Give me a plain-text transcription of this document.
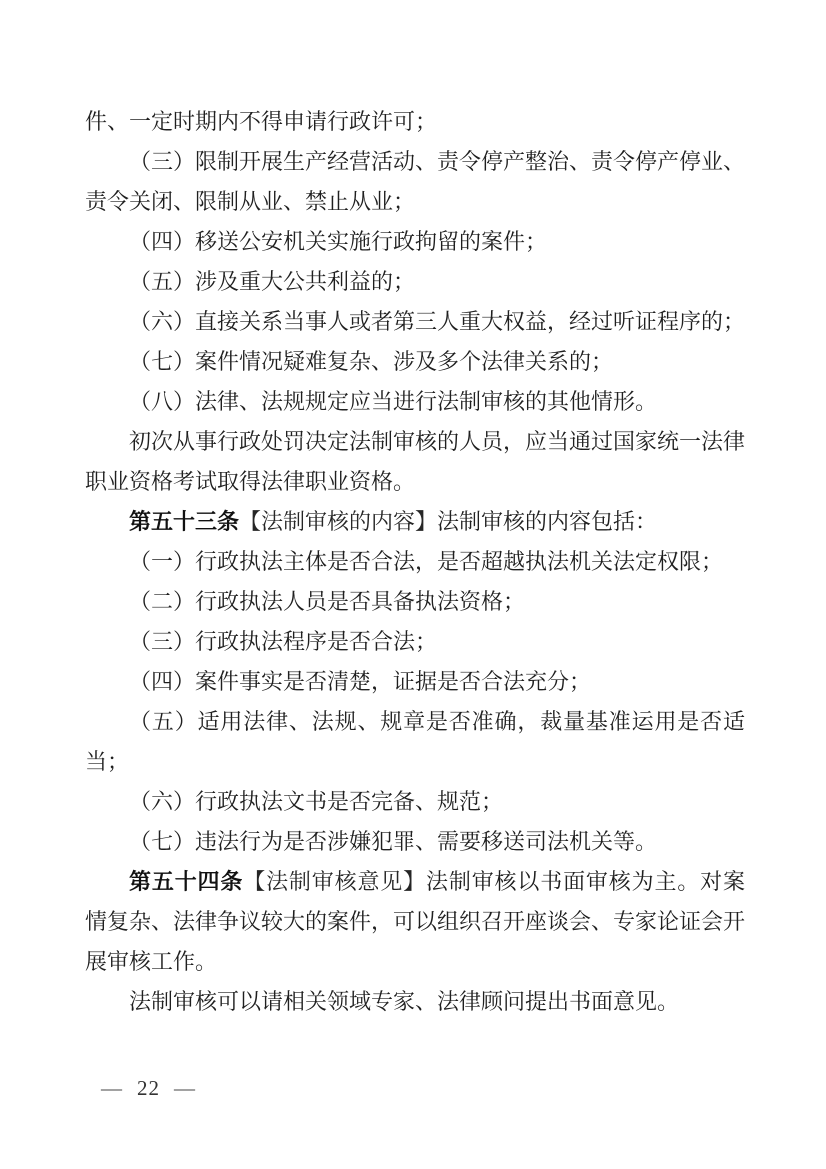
件、一定时期内不得申请行政许可；

（三）限制开展生产经营活动、责令停产整治、责令停产停业、责令关闭、限制从业、禁止从业；

（四）移送公安机关实施行政拘留的案件；

（五）涉及重大公共利益的；

（六）直接关系当事人或者第三人重大权益，经过听证程序的；

（七）案件情况疑难复杂、涉及多个法律关系的；

（八）法律、法规规定应当进行法制审核的其他情形。

初次从事行政处罚决定法制审核的人员，应当通过国家统一法律职业资格考试取得法律职业资格。

第五十三条【法制审核的内容】法制审核的内容包括：

（一）行政执法主体是否合法，是否超越执法机关法定权限；

（二）行政执法人员是否具备执法资格；

（三）行政执法程序是否合法；

（四）案件事实是否清楚，证据是否合法充分；

（五）适用法律、法规、规章是否准确，裁量基准运用是否适当；

（六）行政执法文书是否完备、规范；

（七）违法行为是否涉嫌犯罪、需要移送司法机关等。

第五十四条【法制审核意见】法制审核以书面审核为主。对案情复杂、法律争议较大的案件，可以组织召开座谈会、专家论证会开展审核工作。

法制审核可以请相关领域专家、法律顾问提出书面意见。

— 22 —
